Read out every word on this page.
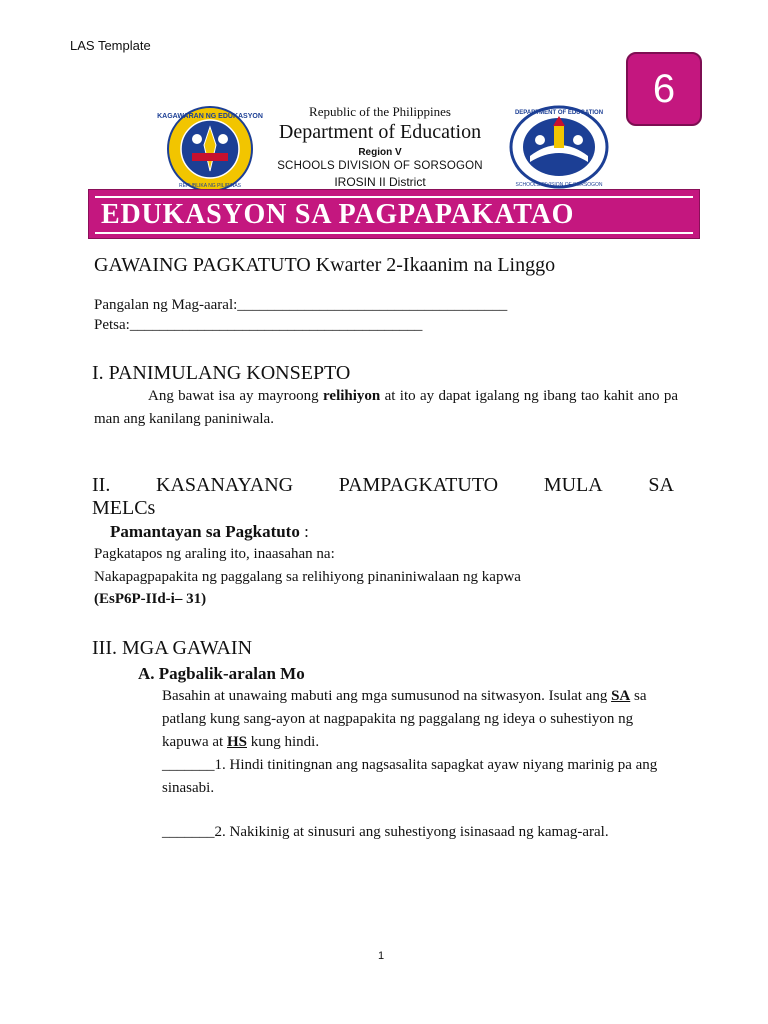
LAS Template
6
KAGAWARAN NG EDUKASYON
REPUBLIKA NG PILIPINAS
DEPARTMENT OF EDUCATION
SCHOOLS DIVISION OF SORSOGON
Republic of the Philippines
Department of Education
Region V
SCHOOLS DIVISION OF SORSOGON
IROSIN II District
EDUKASYON SA PAGPAPAKATAO
GAWAING PAGKATUTO Kwarter 2-Ikaanim na Linggo
Pangalan ng Mag-aaral:____________________________________
Petsa:_______________________________________
I. PANIMULANG KONSEPTO
Ang bawat isa ay mayroong relihiyon at ito ay dapat igalang ng ibang tao kahit ano pa man ang kanilang paniniwala.
II. KASANAYANG PAMPAGKATUTO MULA SA
MELCs
Pamantayan sa Pagkatuto :
Pagkatapos ng araling ito, inaasahan na:
Nakapagpapakita ng paggalang sa relihiyong pinaniniwalaan ng kapwa
(EsP6P-IId-i– 31)
III. MGA GAWAIN
A. Pagbalik-aralan Mo
Basahin at unawaing mabuti ang mga sumusunod na sitwasyon. Isulat ang SA sa patlang kung sang-ayon at nagpapakita ng paggalang ng ideya o suhestiyon ng kapuwa at HS kung hindi.
_______1. Hindi tinitingnan ang nagsasalita sapagkat ayaw niyang marinig pa ang sinasabi.
_______2. Nakikinig at sinusuri ang suhestiyong isinasaad ng kamag-aral.
1
